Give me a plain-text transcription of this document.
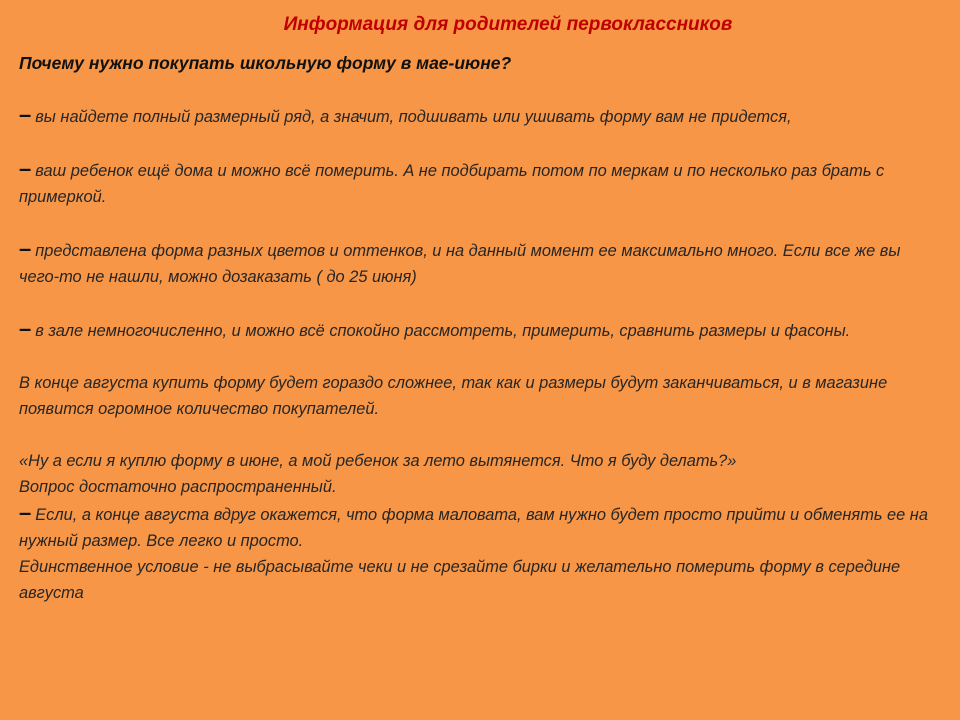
Информация для родителей первоклассников

Почему нужно покупать школьную форму в мае-июне?

– вы найдете полный размерный ряд, а значит, подшивать или ушивать форму вам не придется,

– ваш ребенок ещё дома и можно всё померить. А не подбирать потом по меркам и по несколько раз брать с примеркой.

– представлена форма разных цветов и оттенков, и на данный момент ее максимально много. Если все же вы чего-то не нашли, можно дозаказать ( до 25 июня)

– в зале немногочисленно, и можно всё спокойно рассмотреть, примерить, сравнить размеры и фасоны.

В конце августа купить форму будет гораздо сложнее, так как и размеры будут заканчиваться, и в магазине появится огромное количество покупателей.

«Ну а если я куплю форму в июне, а мой ребенок за лето вытянется. Что я буду делать?»

Вопрос достаточно распространенный.

– Если, а конце августа вдруг окажется, что форма маловата, вам нужно будет просто прийти и обменять ее на нужный размер. Все легко и просто.

Единственное условие - не выбрасывайте чеки и не срезайте бирки и желательно померить форму в середине августа
